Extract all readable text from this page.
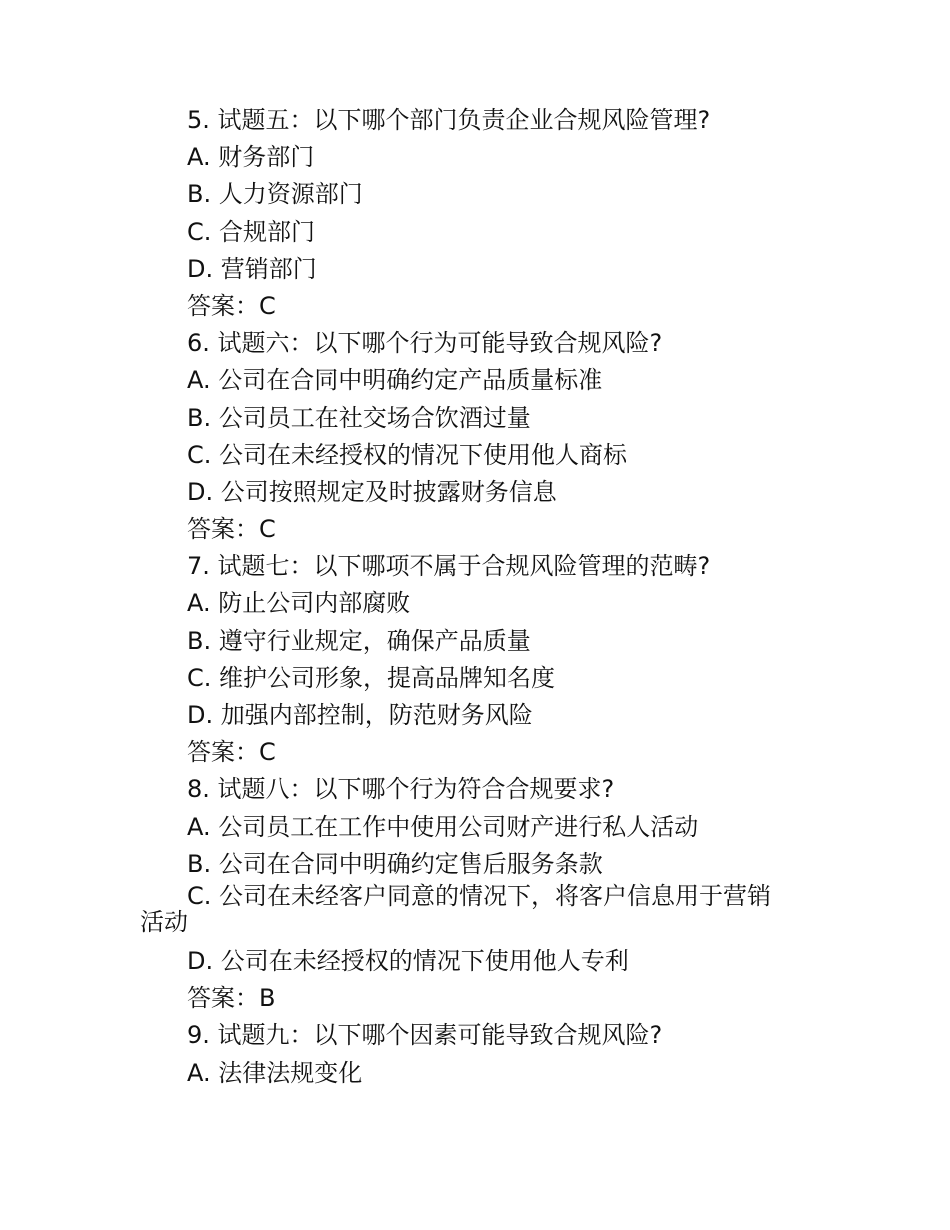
5. 试题五：以下哪个部门负责企业合规风险管理?
A. 财务部门
B. 人力资源部门
C. 合规部门
D. 营销部门
答案：C
6. 试题六：以下哪个行为可能导致合规风险?
A. 公司在合同中明确约定产品质量标准
B. 公司员工在社交场合饮酒过量
C. 公司在未经授权的情况下使用他人商标
D. 公司按照规定及时披露财务信息
答案：C
7. 试题七：以下哪项不属于合规风险管理的范畴?
A. 防止公司内部腐败
B. 遵守行业规定，确保产品质量
C. 维护公司形象，提高品牌知名度
D. 加强内部控制，防范财务风险
答案：C
8. 试题八：以下哪个行为符合合规要求?
A. 公司员工在工作中使用公司财产进行私人活动
B. 公司在合同中明确约定售后服务条款
C. 公司在未经客户同意的情况下，将客户信息用于营销
活动
D. 公司在未经授权的情况下使用他人专利
答案：B
9. 试题九：以下哪个因素可能导致合规风险?
A. 法律法规变化
